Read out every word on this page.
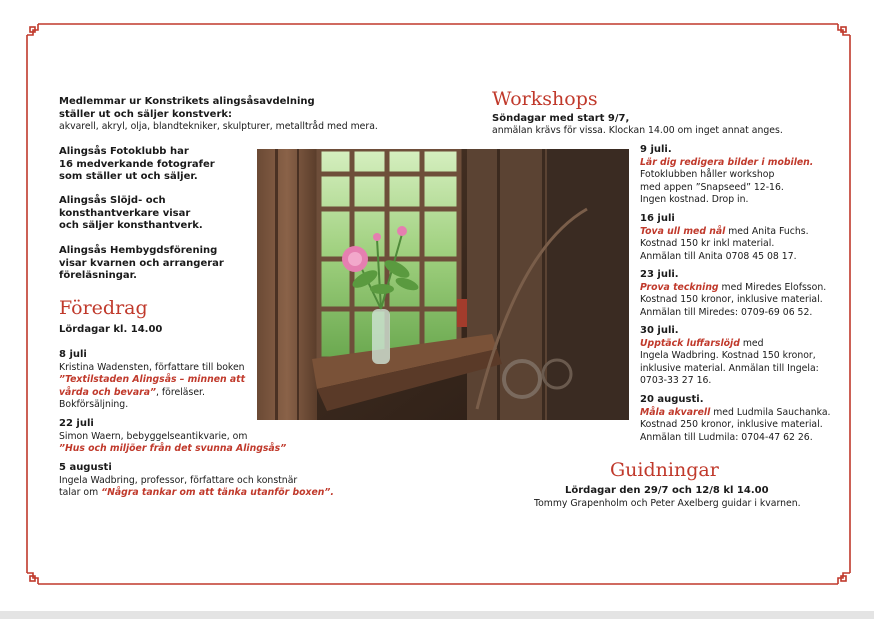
Medlemmar ur Konstrikets alingsåsavdelning
ställer ut och säljer konstverk:
akvarell, akryl, olja, blandtekniker, skulpturer, metalltråd med mera.
Alingsås Fotoklubb har
16 medverkande fotografer
som ställer ut och säljer.
Alingsås Slöjd- och
konsthantverkare visar
och säljer konsthantverk.
Alingsås Hembygdsförening
visar kvarnen och arrangerar
föreläsningar.
Föredrag
Lördagar kl. 14.00
8 juli
Kristina Wadensten, författare till boken
”Textilstaden Alingsås – minnen att
vårda och bevara”, föreläser.
Bokförsäljning.
22 juli
Simon Waern, bebyggelseantikvarie, om
”Hus och miljöer från det svunna Alingsås”
5 augusti
Ingela Wadbring, professor, författare och konstnär
talar om “Några tankar om att tänka utanför boxen”.
Workshops
Söndagar med start 9/7,
anmälan krävs för vissa. Klockan 14.00 om inget annat anges.
9 juli.
Lär dig redigera bilder i mobilen.
Fotoklubben håller workshop
med appen ”Snapseed” 12-16.
Ingen kostnad. Drop in.
16 juli
Tova ull med nål med Anita Fuchs.
Kostnad 150 kr inkl material.
Anmälan till Anita 0708 45 08 17.
23 juli.
Prova teckning med Miredes Elofsson.
Kostnad 150 kronor, inklusive material.
Anmälan till Miredes: 0709-69 06 52.
30 juli.
Upptäck luffarslöjd med
Ingela Wadbring. Kostnad 150 kronor,
inklusive material. Anmälan till Ingela:
0703-33 27 16.
20 augusti.
Måla akvarell med Ludmila Sauchanka.
Kostnad 250 kronor, inklusive material.
Anmälan till Ludmila: 0704-47 62 26.
Guidningar
Lördagar den 29/7 och 12/8 kl 14.00
Tommy Grapenholm och Peter Axelberg guidar i kvarnen.
